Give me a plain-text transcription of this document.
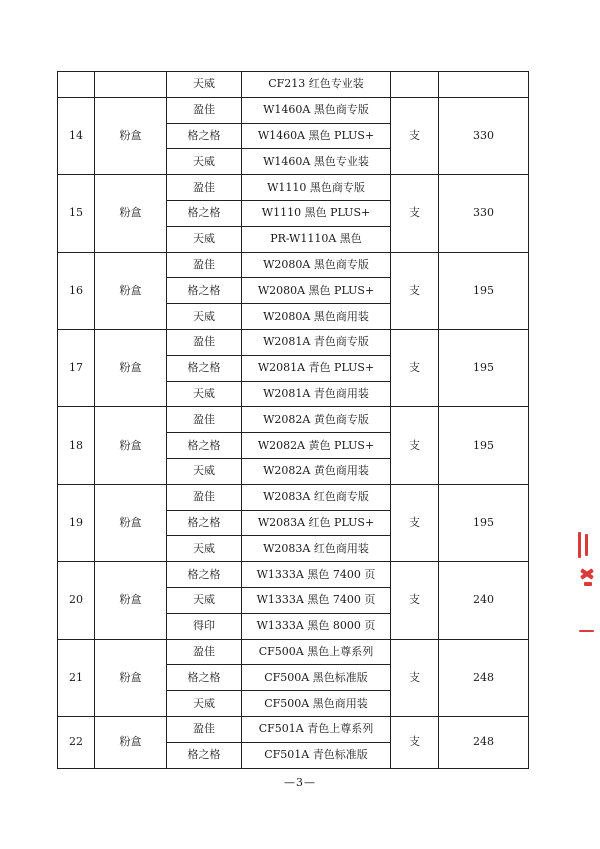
		天威	CF213 红色专业装		
14	粉盒	盈佳	W1460A 黑色商专版	支	330
		格之格	W1460A 黑色 PLUS+		
		天威	W1460A 黑色专业装		
15	粉盒	盈佳	W1110 黑色商专版	支	330
		格之格	W1110 黑色 PLUS+		
		天威	PR-W1110A 黑色		
16	粉盒	盈佳	W2080A 黑色商专版	支	195
		格之格	W2080A 黑色 PLUS+		
		天威	W2080A 黑色商用装		
17	粉盒	盈佳	W2081A 青色商专版	支	195
		格之格	W2081A 青色 PLUS+		
		天威	W2081A 青色商用装		
18	粉盒	盈佳	W2082A 黄色商专版	支	195
		格之格	W2082A 黄色 PLUS+		
		天威	W2082A 黄色商用装		
19	粉盒	盈佳	W2083A 红色商专版	支	195
		格之格	W2083A 红色 PLUS+		
		天威	W2083A 红色商用装		
20	粉盒	格之格	W1333A 黑色 7400 页	支	240
		天威	W1333A 黑色 7400 页		
		得印	W1333A 黑色 8000 页		
21	粉盒	盈佳	CF500A 黑色上尊系列	支	248
		格之格	CF500A 黑色标准版		
		天威	CF500A 黑色商用装		
22	粉盒	盈佳	CF501A 青色上尊系列	支	248
		格之格	CF501A 青色标准版		
—3—
